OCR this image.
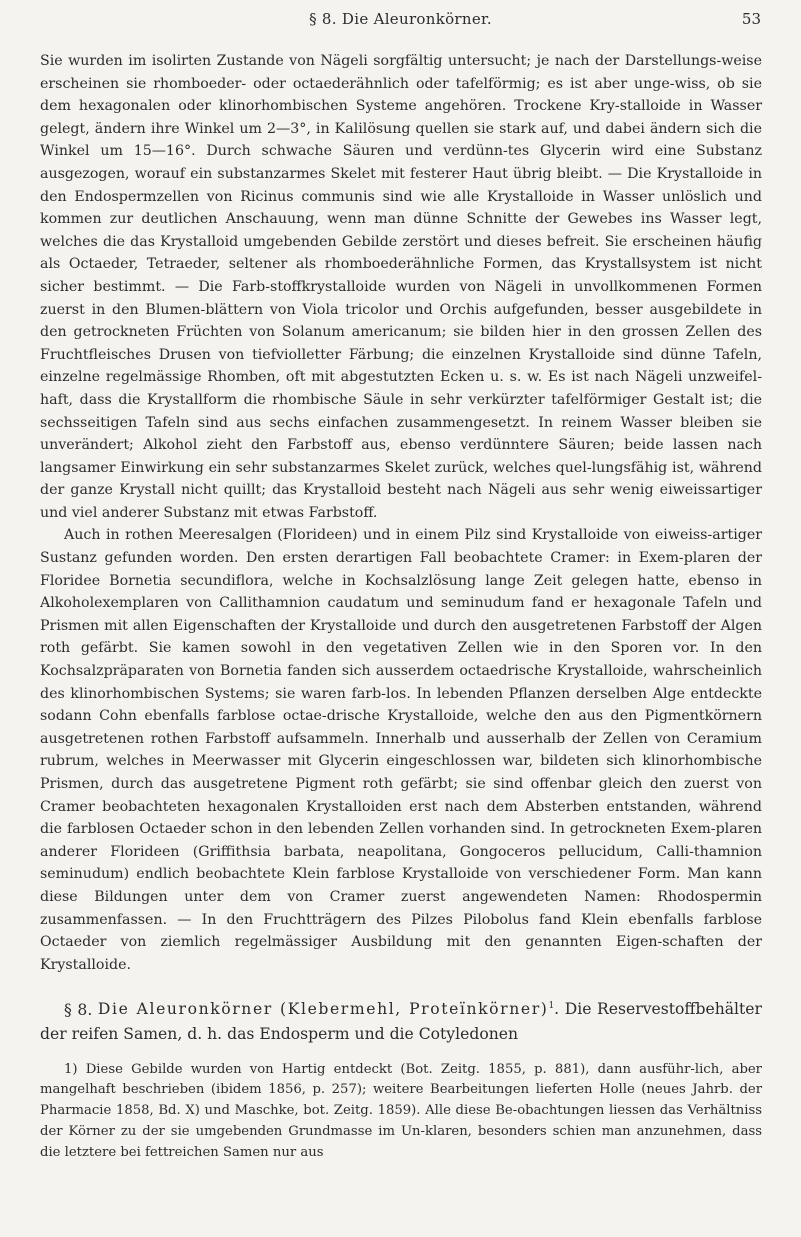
§ 8. Die Aleuronkörner.	53

Sie wurden im isolirten Zustande von Nägeli sorgfältig untersucht; je nach der Darstellungs-weise erscheinen sie rhomboeder- oder octaederähnlich oder tafelförmig; es ist aber unge-wiss, ob sie dem hexagonalen oder klinorhombischen Systeme angehören. Trockene Kry-stalloide in Wasser gelegt, ändern ihre Winkel um 2—3°, in Kalilösung quellen sie stark auf, und dabei ändern sich die Winkel um 15—16°. Durch schwache Säuren und verdünn-tes Glycerin wird eine Substanz ausgezogen, worauf ein substanzarmes Skelet mit festerer Haut übrig bleibt. — Die Krystalloide in den Endospermzellen von Ricinus communis sind wie alle Krystalloide in Wasser unlöslich und kommen zur deutlichen Anschauung, wenn man dünne Schnitte der Gewebes ins Wasser legt, welches die das Krystalloid umgebenden Gebilde zerstört und dieses befreit. Sie erscheinen häufig als Octaeder, Tetraeder, seltener als rhomboederähnliche Formen, das Krystallsystem ist nicht sicher bestimmt. — Die Farb-stoffkrystalloide wurden von Nägeli in unvollkommenen Formen zuerst in den Blumen-blättern von Viola tricolor und Orchis aufgefunden, besser ausgebildete in den getrockneten Früchten von Solanum americanum; sie bilden hier in den grossen Zellen des Fruchtfleisches Drusen von tiefviolletter Färbung; die einzelnen Krystalloide sind dünne Tafeln, einzelne regelmässige Rhomben, oft mit abgestutzten Ecken u. s. w. Es ist nach Nägeli unzweifel-haft, dass die Krystallform die rhombische Säule in sehr verkürzter tafelförmiger Gestalt ist; die sechsseitigen Tafeln sind aus sechs einfachen zusammengesetzt. In reinem Wasser bleiben sie unverändert; Alkohol zieht den Farbstoff aus, ebenso verdünntere Säuren; beide lassen nach langsamer Einwirkung ein sehr substanzarmes Skelet zurück, welches quel-lungsfähig ist, während der ganze Krystall nicht quillt; das Krystalloid besteht nach Nägeli aus sehr wenig eiweissartiger und viel anderer Substanz mit etwas Farbstoff.

Auch in rothen Meeresalgen (Florideen) und in einem Pilz sind Krystalloide von eiweiss-artiger Sustanz gefunden worden. Den ersten derartigen Fall beobachtete Cramer: in Exem-plaren der Floridee Bornetia secundiflora, welche in Kochsalzlösung lange Zeit gelegen hatte, ebenso in Alkoholexemplaren von Callithamnion caudatum und seminudum fand er hexagonale Tafeln und Prismen mit allen Eigenschaften der Krystalloide und durch den ausgetretenen Farbstoff der Algen roth gefärbt. Sie kamen sowohl in den vegetativen Zellen wie in den Sporen vor. In den Kochsalzpräparaten von Bornetia fanden sich ausserdem octaedrische Krystalloide, wahrscheinlich des klinorhombischen Systems; sie waren farb-los. In lebenden Pflanzen derselben Alge entdeckte sodann Cohn ebenfalls farblose octae-drische Krystalloide, welche den aus den Pigmentkörnern ausgetretenen rothen Farbstoff aufsammeln. Innerhalb und ausserhalb der Zellen von Ceramium rubrum, welches in Meerwasser mit Glycerin eingeschlossen war, bildeten sich klinorhombische Prismen, durch das ausgetretene Pigment roth gefärbt; sie sind offenbar gleich den zuerst von Cramer beobachteten hexagonalen Krystalloiden erst nach dem Absterben entstanden, während die farblosen Octaeder schon in den lebenden Zellen vorhanden sind. In getrockneten Exem-plaren anderer Florideen (Griffithsia barbata, neapolitana, Gongoceros pellucidum, Calli-thamnion seminudum) endlich beobachtete Klein farblose Krystalloide von verschiedener Form. Man kann diese Bildungen unter dem von Cramer zuerst angewendeten Namen: Rhodospermin zusammenfassen. — In den Fruchtträgern des Pilzes Pilobolus fand Klein ebenfalls farblose Octaeder von ziemlich regelmässiger Ausbildung mit den genannten Eigen-schaften der Krystalloide.

§ 8. Die Aleuronkörner (Klebermehl, Proteïnkörner)$^1$. Die Reservestoffbehälter der reifen Samen, d. h. das Endosperm und die Cotyledonen

1) Diese Gebilde wurden von Hartig entdeckt (Bot. Zeitg. 1855, p. 881), dann ausführ-lich, aber mangelhaft beschrieben (ibidem 1856, p. 257); weitere Bearbeitungen lieferten Holle (neues Jahrb. der Pharmacie 1858, Bd. X) und Maschke, bot. Zeitg. 1859). Alle diese Be-obachtungen liessen das Verhältniss der Körner zu der sie umgebenden Grundmasse im Un-klaren, besonders schien man anzunehmen, dass die letztere bei fettreichen Samen nur aus
